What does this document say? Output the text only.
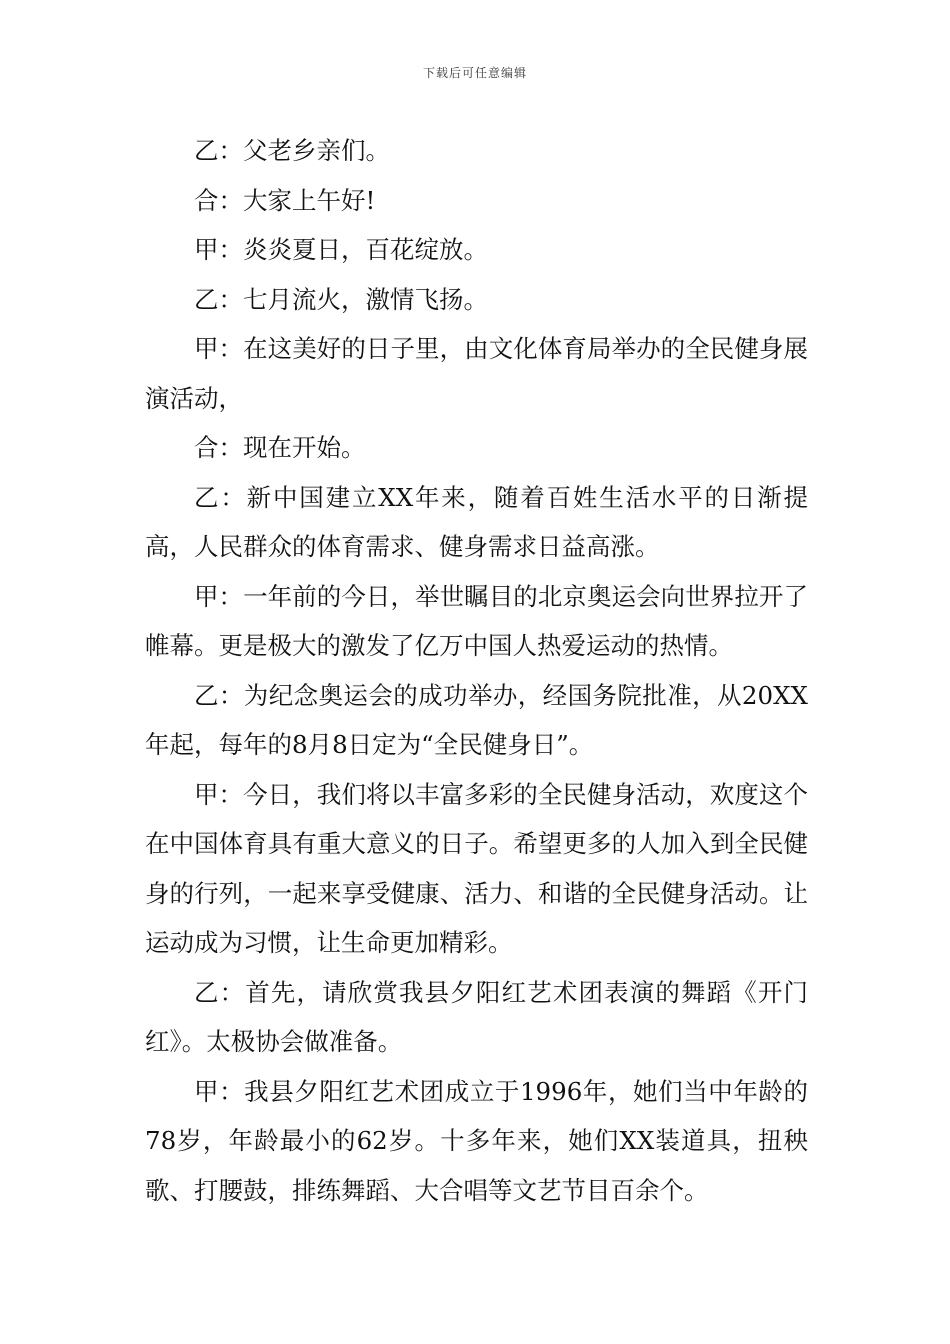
下载后可任意编辑

乙：父老乡亲们。

合：大家上午好!

甲：炎炎夏日，百花绽放。

乙：七月流火，激情飞扬。

甲：在这美好的日子里，由文化体育局举办的全民健身展演活动，

合：现在开始。

乙：新中国建立XX年来，随着百姓生活水平的日渐提高，人民群众的体育需求、健身需求日益高涨。

甲：一年前的今日，举世瞩目的北京奥运会向世界拉开了帷幕。更是极大的激发了亿万中国人热爱运动的热情。

乙：为纪念奥运会的成功举办，经国务院批准，从20XX年起，每年的8月8日定为“全民健身日”。

甲：今日，我们将以丰富多彩的全民健身活动，欢度这个在中国体育具有重大意义的日子。希望更多的人加入到全民健身的行列，一起来享受健康、活力、和谐的全民健身活动。让运动成为习惯，让生命更加精彩。

乙：首先，请欣赏我县夕阳红艺术团表演的舞蹈《开门红》。太极协会做准备。

甲：我县夕阳红艺术团成立于1996年，她们当中年龄的78岁，年龄最小的62岁。十多年来，她们XX装道具，扭秧歌、打腰鼓，排练舞蹈、大合唱等文艺节目百余个。
